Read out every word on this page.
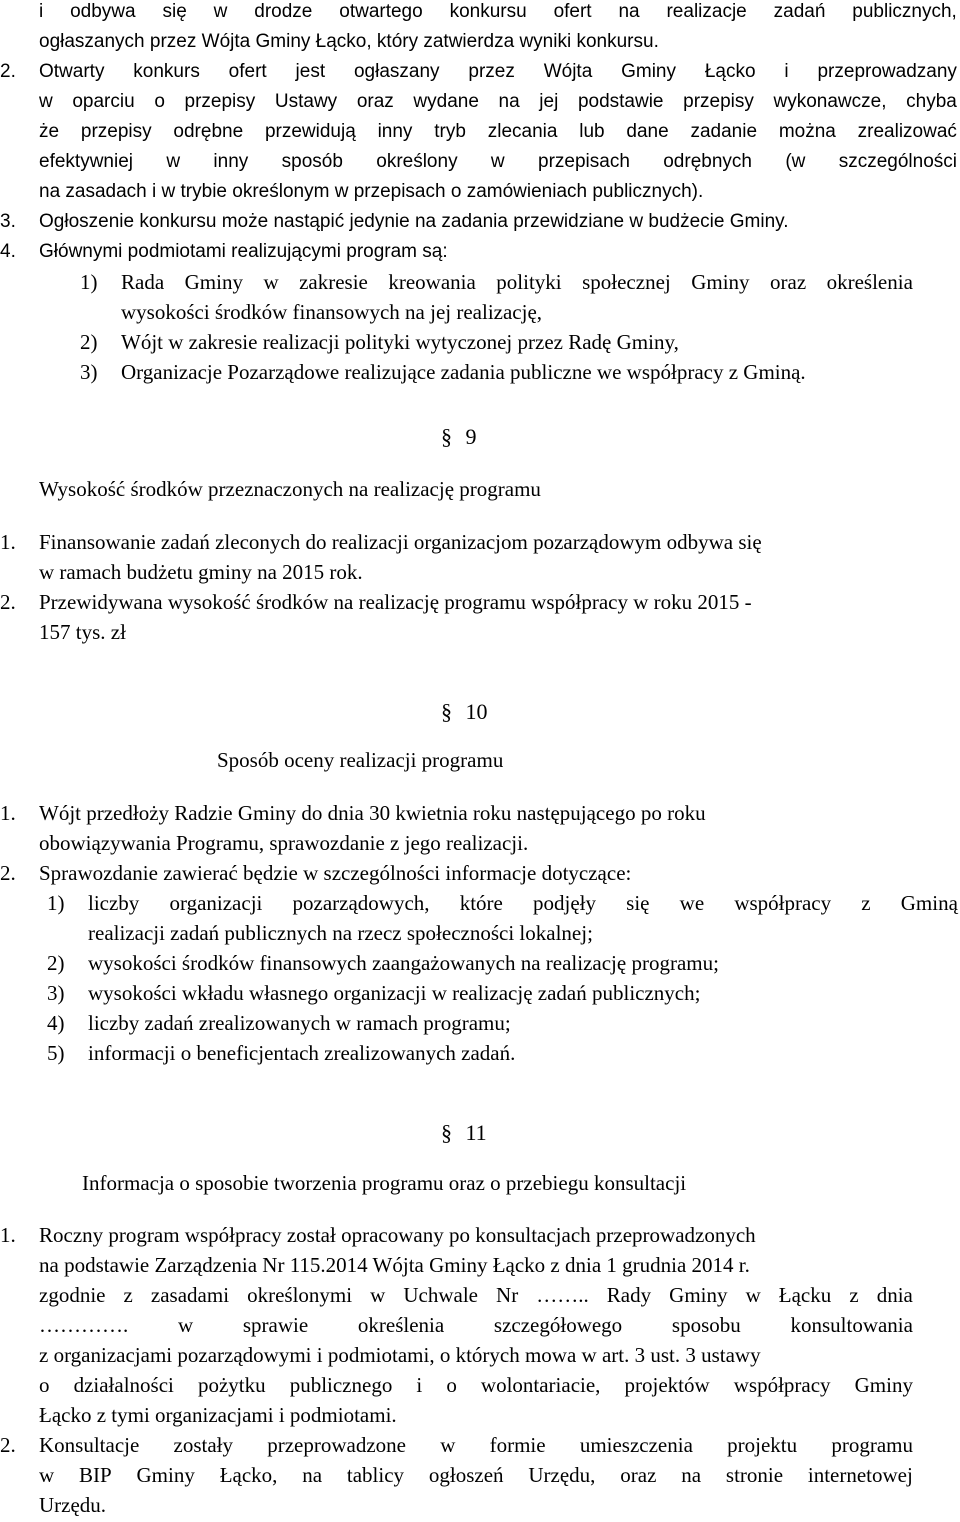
i odbywa się w drodze otwartego konkursu ofert na realizacje zadań publicznych,
ogłaszanych przez Wójta Gminy Łącko, który zatwierdza wyniki konkursu.
2. Otwarty konkurs ofert jest ogłaszany przez Wójta Gminy Łącko i przeprowadzany
w oparciu o przepisy Ustawy oraz wydane na jej podstawie przepisy wykonawcze, chyba
że przepisy odrębne przewidują inny tryb zlecania lub dane zadanie można zrealizować
efektywniej w inny sposób określony w przepisach odrębnych (w szczególności
na zasadach i w trybie określonym w przepisach o zamówieniach publicznych).
3. Ogłoszenie konkursu może nastąpić jedynie na zadania przewidziane w budżecie Gminy.
4. Głównymi podmiotami realizującymi program są:
1) Rada Gminy w zakresie kreowania polityki społecznej Gminy oraz określenia
wysokości środków finansowych na jej realizację,
2) Wójt w zakresie realizacji polityki wytyczonej przez Radę Gminy,
3) Organizacje Pozarządowe realizujące zadania publiczne we współpracy z Gminą.
§ 9
Wysokość środków przeznaczonych na realizację programu
1. Finansowanie zadań zleconych do realizacji organizacjom pozarządowym odbywa się
w ramach budżetu gminy na 2015 rok.
2. Przewidywana wysokość środków na realizację programu współpracy w roku 2015 -
157 tys. zł
§ 10
Sposób oceny realizacji programu
1. Wójt przedłoży Radzie Gminy do dnia 30 kwietnia roku następującego po roku
obowiązywania Programu, sprawozdanie z jego realizacji.
2. Sprawozdanie zawierać będzie w szczególności informacje dotyczące:
1) liczby organizacji pozarządowych, które podjęły się we współpracy z Gminą
realizacji zadań publicznych na rzecz społeczności lokalnej;
2) wysokości środków finansowych zaangażowanych na realizację programu;
3) wysokości wkładu własnego organizacji w realizację zadań publicznych;
4) liczby zadań zrealizowanych w ramach programu;
5) informacji o beneficjentach zrealizowanych zadań.
§ 11
Informacja o sposobie tworzenia programu oraz o przebiegu konsultacji
1. Roczny program współpracy został opracowany po konsultacjach przeprowadzonych
na podstawie Zarządzenia Nr 115.2014 Wójta Gminy Łącko z dnia 1 grudnia 2014 r.
zgodnie z zasadami określonymi w Uchwale Nr …….. Rady Gminy w Łącku z dnia
…………. w sprawie określenia szczegółowego sposobu konsultowania
z organizacjami pozarządowymi i podmiotami, o których mowa w art. 3 ust. 3 ustawy
o działalności pożytku publicznego i o wolontariacie, projektów współpracy Gminy
Łącko z tymi organizacjami i podmiotami.
2. Konsultacje zostały przeprowadzone w formie umieszczenia projektu programu
w BIP Gminy Łącko, na tablicy ogłoszeń Urzędu, oraz na stronie internetowej
Urzędu.
